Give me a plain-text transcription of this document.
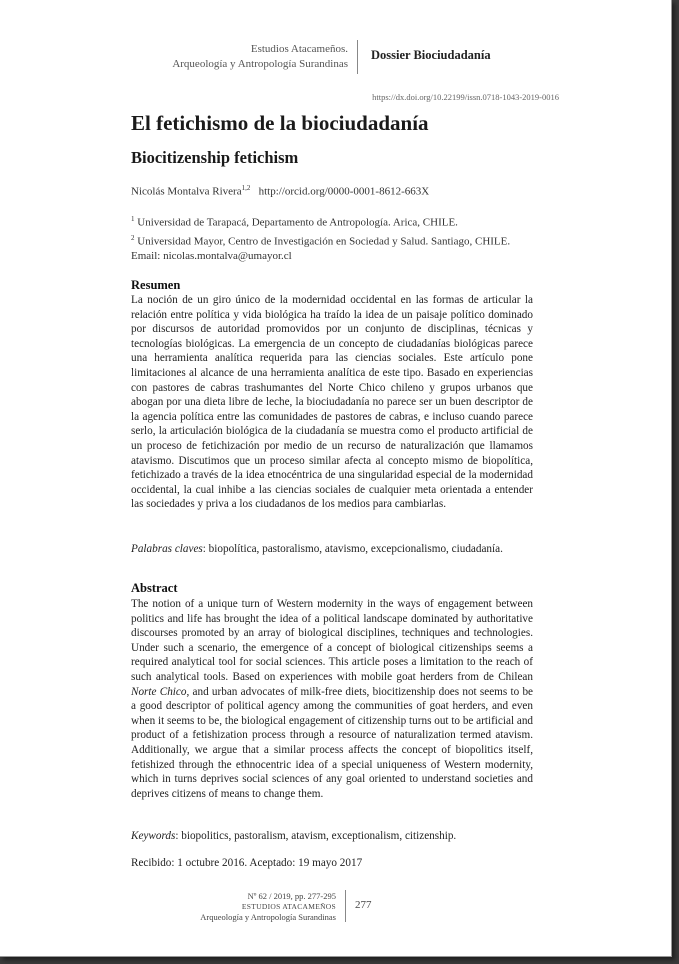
Estudios Atacameños.
Arqueología y Antropología Surandinas
Dossier Biociudadanía
https://dx.doi.org/10.22199/issn.0718-1043-2019-0016
El fetichismo de la biociudadanía
Biocitizenship fetichism
Nicolás Montalva Rivera$^{1,2}$ http://orcid.org/0000-0001-8612-663X
$^1$ Universidad de Tarapacá, Departamento de Antropología. Arica, CHILE.
$^2$ Universidad Mayor, Centro de Investigación en Sociedad y Salud. Santiago, CHILE.
Email: nicolas.montalva@umayor.cl
Resumen
La noción de un giro único de la modernidad occidental en las formas de articular la relación entre política y vida biológica ha traído la idea de un paisaje político dominado por discursos de autoridad promovidos por un conjunto de disciplinas, técnicas y tecnologías biológicas. La emergencia de un concepto de ciudadanías biológicas parece una herramienta analítica requerida para las ciencias sociales. Este artículo pone limitaciones al alcance de una herramienta analítica de este tipo. Basado en experiencias con pastores de cabras trashumantes del Norte Chico chileno y grupos urbanos que abogan por una dieta libre de leche, la biociudadanía no parece ser un buen descriptor de la agencia política entre las comunidades de pastores de cabras, e incluso cuando parece serlo, la articulación biológica de la ciudadanía se muestra como el producto artificial de un proceso de fetichización por medio de un recurso de naturalización que llamamos atavismo. Discutimos que un proceso similar afecta al concepto mismo de biopolítica, fetichizado a través de la idea etnocéntrica de una singularidad especial de la modernidad occidental, la cual inhibe a las ciencias sociales de cualquier meta orientada a entender las sociedades y priva a los ciudadanos de los medios para cambiarlas.
Palabras claves: biopolítica, pastoralismo, atavismo, excepcionalismo, ciudadanía.
Abstract
The notion of a unique turn of Western modernity in the ways of engagement between politics and life has brought the idea of a political landscape dominated by authoritative discourses promoted by an array of biological disciplines, techniques and technologies. Under such a scenario, the emergence of a concept of biological citizenships seems a required analytical tool for social sciences. This article poses a limitation to the reach of such analytical tools. Based on experiences with mobile goat herders from de Chilean Norte Chico, and urban advocates of milk-free diets, biocitizenship does not seems to be a good descriptor of political agency among the communities of goat herders, and even when it seems to be, the biological engagement of citizenship turns out to be artificial and product of a fetishization process through a resource of naturalization termed atavism. Additionally, we argue that a similar process affects the concept of biopolitics itself, fetishized through the ethnocentric idea of a special uniqueness of Western modernity, which in turns deprives social sciences of any goal oriented to understand societies and deprives citizens of means to change them.
Keywords: biopolitics, pastoralism, atavism, exceptionalism, citizenship.
Recibido: 1 octubre 2016. Aceptado: 19 mayo 2017
Nº 62 / 2019, pp. 277-295
ESTUDIOS ATACAMEÑOS
Arqueología y Antropología Surandinas
277
